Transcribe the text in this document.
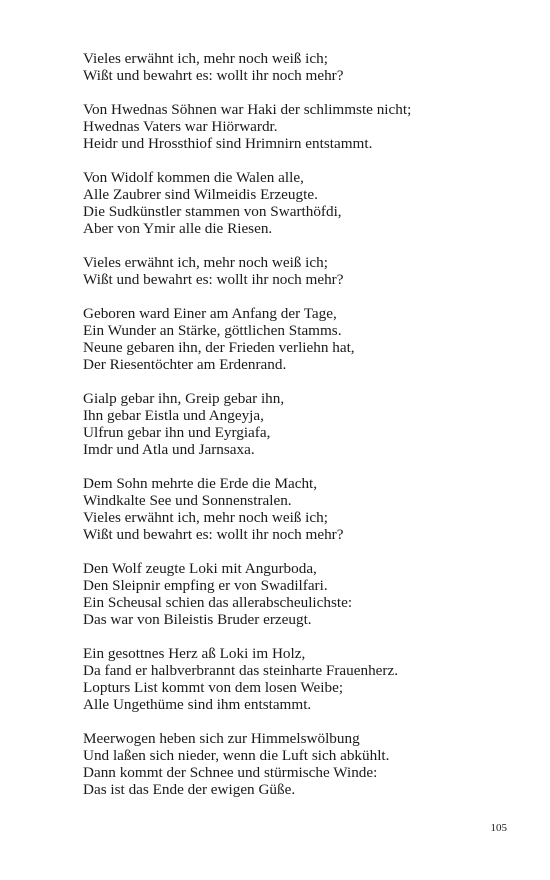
Vieles erwähnt ich, mehr noch weiß ich;
Wißt und bewahrt es: wollt ihr noch mehr?
Von Hwednas Söhnen war Haki der schlimmste nicht;
Hwednas Vaters war Hiörwardr.
Heidr und Hrossthiof sind Hrimnirn entstammt.
Von Widolf kommen die Walen alle,
Alle Zaubrer sind Wilmeidis Erzeugte.
Die Sudkünstler stammen von Swarthöfdi,
Aber von Ymir alle die Riesen.
Vieles erwähnt ich, mehr noch weiß ich;
Wißt und bewahrt es: wollt ihr noch mehr?
Geboren ward Einer am Anfang der Tage,
Ein Wunder an Stärke, göttlichen Stamms.
Neune gebaren ihn, der Frieden verliehn hat,
Der Riesentöchter am Erdenrand.
Gialp gebar ihn, Greip gebar ihn,
Ihn gebar Eistla und Angeyja,
Ulfrun gebar ihn und Eyrgiafa,
Imdr und Atla und Jarnsaxa.
Dem Sohn mehrte die Erde die Macht,
Windkalte See und Sonnenstralen.
Vieles erwähnt ich, mehr noch weiß ich;
Wißt und bewahrt es: wollt ihr noch mehr?
Den Wolf zeugte Loki mit Angurboda,
Den Sleipnir empfing er von Swadilfari.
Ein Scheusal schien das allerabscheulichste:
Das war von Bileistis Bruder erzeugt.
Ein gesottnes Herz aß Loki im Holz,
Da fand er halbverbrannt das steinharte Frauenherz.
Lopturs List kommt von dem losen Weibe;
Alle Ungethüme sind ihm entstammt.
Meerwogen heben sich zur Himmelswölbung
Und laßen sich nieder, wenn die Luft sich abkühlt.
Dann kommt der Schnee und stürmische Winde:
Das ist das Ende der ewigen Güße.
105
